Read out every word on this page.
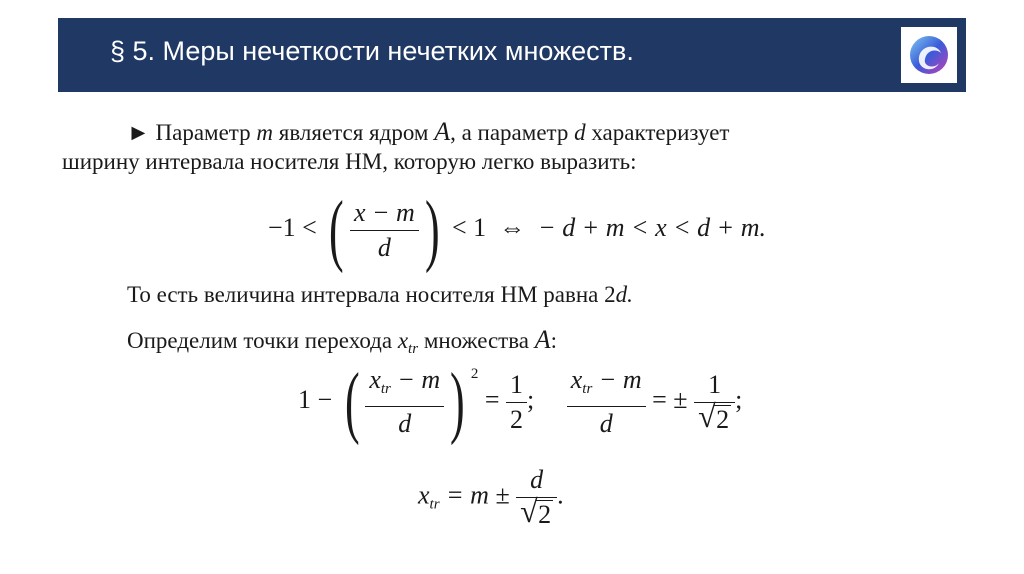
§ 5. Меры нечеткости нечетких множеств.
► Параметр m является ядром A, а параметр d характеризует
ширину интервала носителя НМ, которую легко выразить:
−1 < ( $\frac{x - m}{d}$ ) < 1 ⇔ − d + m < x < d + m.
То есть величина интервала носителя НМ равна 2d.
Определим точки перехода $x_{tr}$ множества A:
1 − ( $\frac{x_{tr} - m}{d}$ ) $^2 = \frac{1}{2}$ ; $\frac{x_{tr} - m}{d}$ = ± $\frac{1}{√ 2}$ ;
$x_{tr} = m \pm \frac{d}{√ 2}$ .
